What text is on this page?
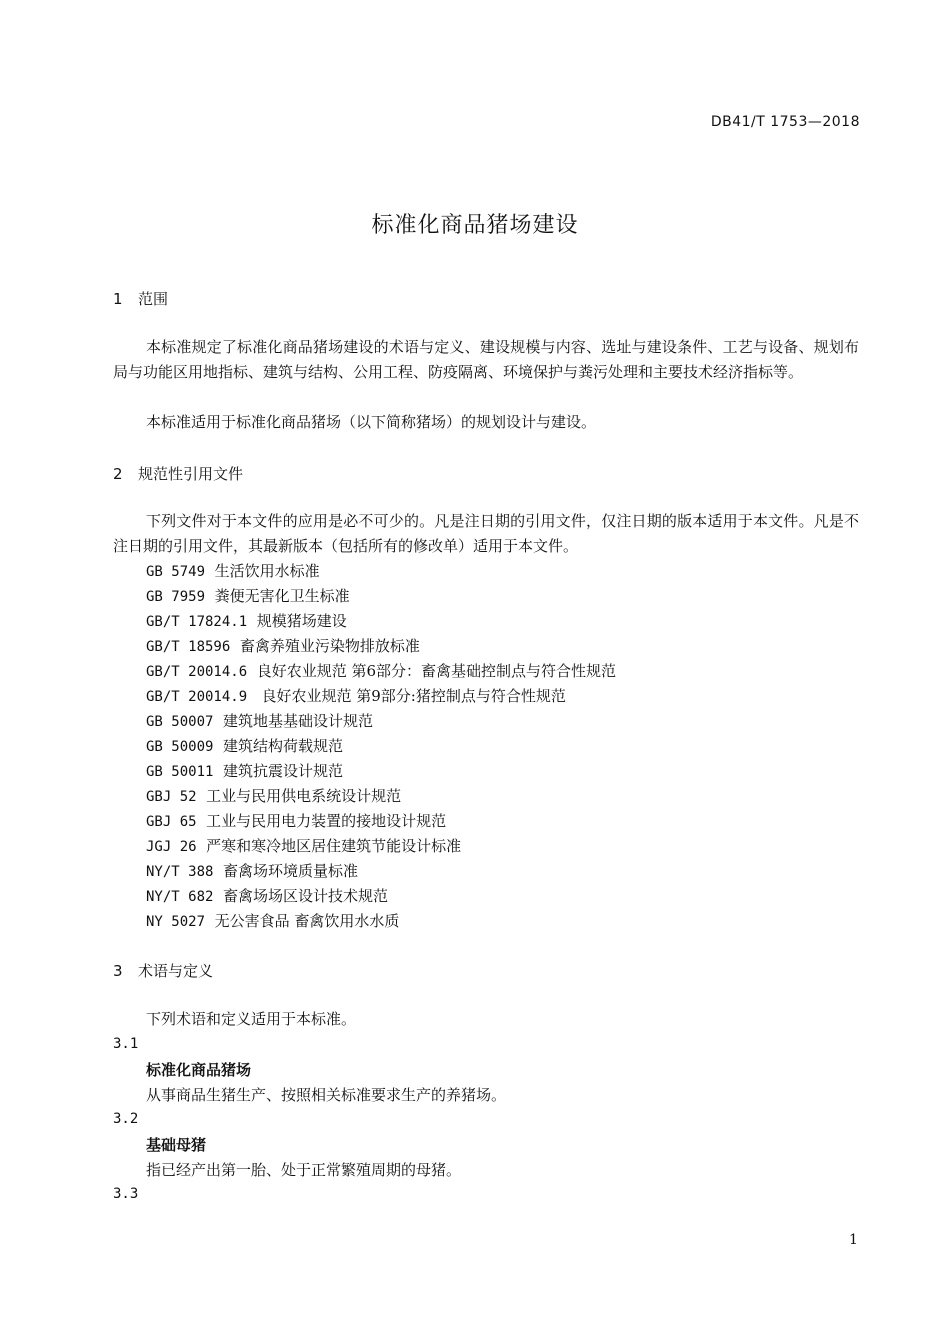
DB41/T 1753—2018
标准化商品猪场建设
1 范围

本标准规定了标准化商品猪场建设的术语与定义、建设规模与内容、选址与建设条件、工艺与设备、规划布局与功能区用地指标、建筑与结构、公用工程、防疫隔离、环境保护与粪污处理和主要技术经济指标等。

本标准适用于标准化商品猪场（以下简称猪场）的规划设计与建设。

2 规范性引用文件

下列文件对于本文件的应用是必不可少的。凡是注日期的引用文件，仅注日期的版本适用于本文件。凡是不注日期的引用文件，其最新版本（包括所有的修改单）适用于本文件。

GB 5749 生活饮用水标准
GB 7959 粪便无害化卫生标准
GB/T 17824.1 规模猪场建设
GB/T 18596 畜禽养殖业污染物排放标准
GB/T 20014.6 良好农业规范 第6部分：畜禽基础控制点与符合性规范
GB/T 20014.9 良好农业规范 第9部分:猪控制点与符合性规范
GB 50007 建筑地基基础设计规范
GB 50009 建筑结构荷载规范
GB 50011 建筑抗震设计规范
GBJ 52 工业与民用供电系统设计规范
GBJ 65 工业与民用电力装置的接地设计规范
JGJ 26 严寒和寒冷地区居住建筑节能设计标准
NY/T 388 畜禽场环境质量标准
NY/T 682 畜禽场场区设计技术规范
NY 5027 无公害食品 畜禽饮用水水质
3 术语与定义

下列术语和定义适用于本标准。

3.1
标准化商品猪场
从事商品生猪生产、按照相关标准要求生产的养猪场。
3.2
基础母猪
指已经产出第一胎、处于正常繁殖周期的母猪。
3.3
1
